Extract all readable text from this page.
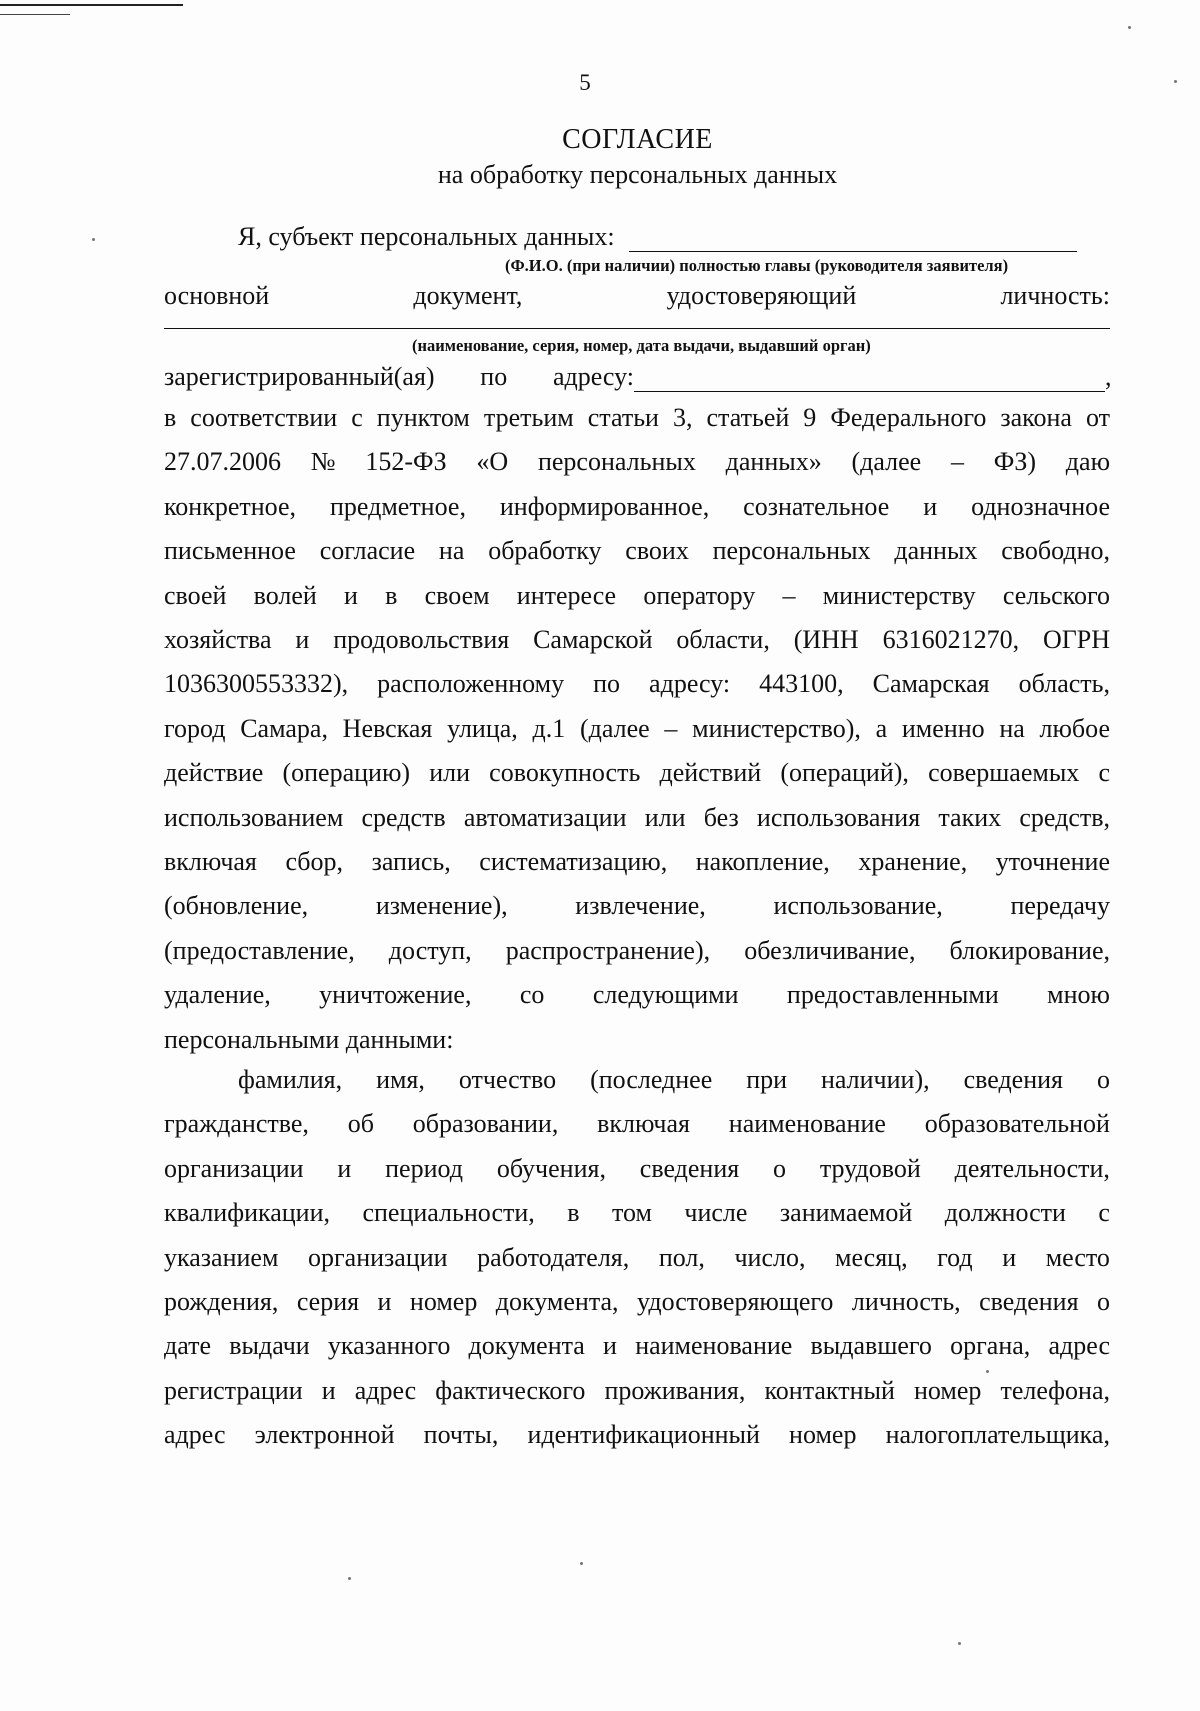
5
СОГЛАСИЕ
на обработку персональных данных
Я, субъект персональных данных:
(Ф.И.О. (при наличии) полностью главы (руководителя заявителя)
основной	документ,	удостоверяющий	личность:
(наименование, серия, номер, дата выдачи, выдавший орган)
зарегистрированный(ая) по адресу:	,
в соответствии с пунктом третьим статьи 3, статьей 9 Федерального закона от
27.07.2006 № 152-ФЗ «О персональных данных» (далее – ФЗ) даю
конкретное, предметное, информированное, сознательное и однозначное
письменное согласие на обработку своих персональных данных свободно,
своей волей и в своем интересе оператору – министерству сельского
хозяйства и продовольствия Самарской области, (ИНН 6316021270, ОГРН
1036300553332), расположенному по адресу: 443100, Самарская область,
город Самара, Невская улица, д.1 (далее – министерство), а именно на любое
действие (операцию) или совокупность действий (операций), совершаемых с
использованием средств автоматизации или без использования таких средств,
включая сбор, запись, систематизацию, накопление, хранение, уточнение
(обновление,	изменение),	извлечение,	использование,	передачу
(предоставление, доступ, распространение), обезличивание, блокирование,
удаление, уничтожение, со следующими предоставленными мною
персональными данными:
фамилия, имя, отчество (последнее при наличии), сведения о
гражданстве, об образовании, включая наименование образовательной
организации и период обучения, сведения о трудовой деятельности,
квалификации, специальности, в том числе занимаемой должности с
указанием организации работодателя, пол, число, месяц, год и место
рождения, серия и номер документа, удостоверяющего личность, сведения о
дате выдачи указанного документа и наименование выдавшего органа, адрес
регистрации и адрес фактического проживания, контактный номер телефона,
адрес электронной почты, идентификационный номер налогоплательщика,
